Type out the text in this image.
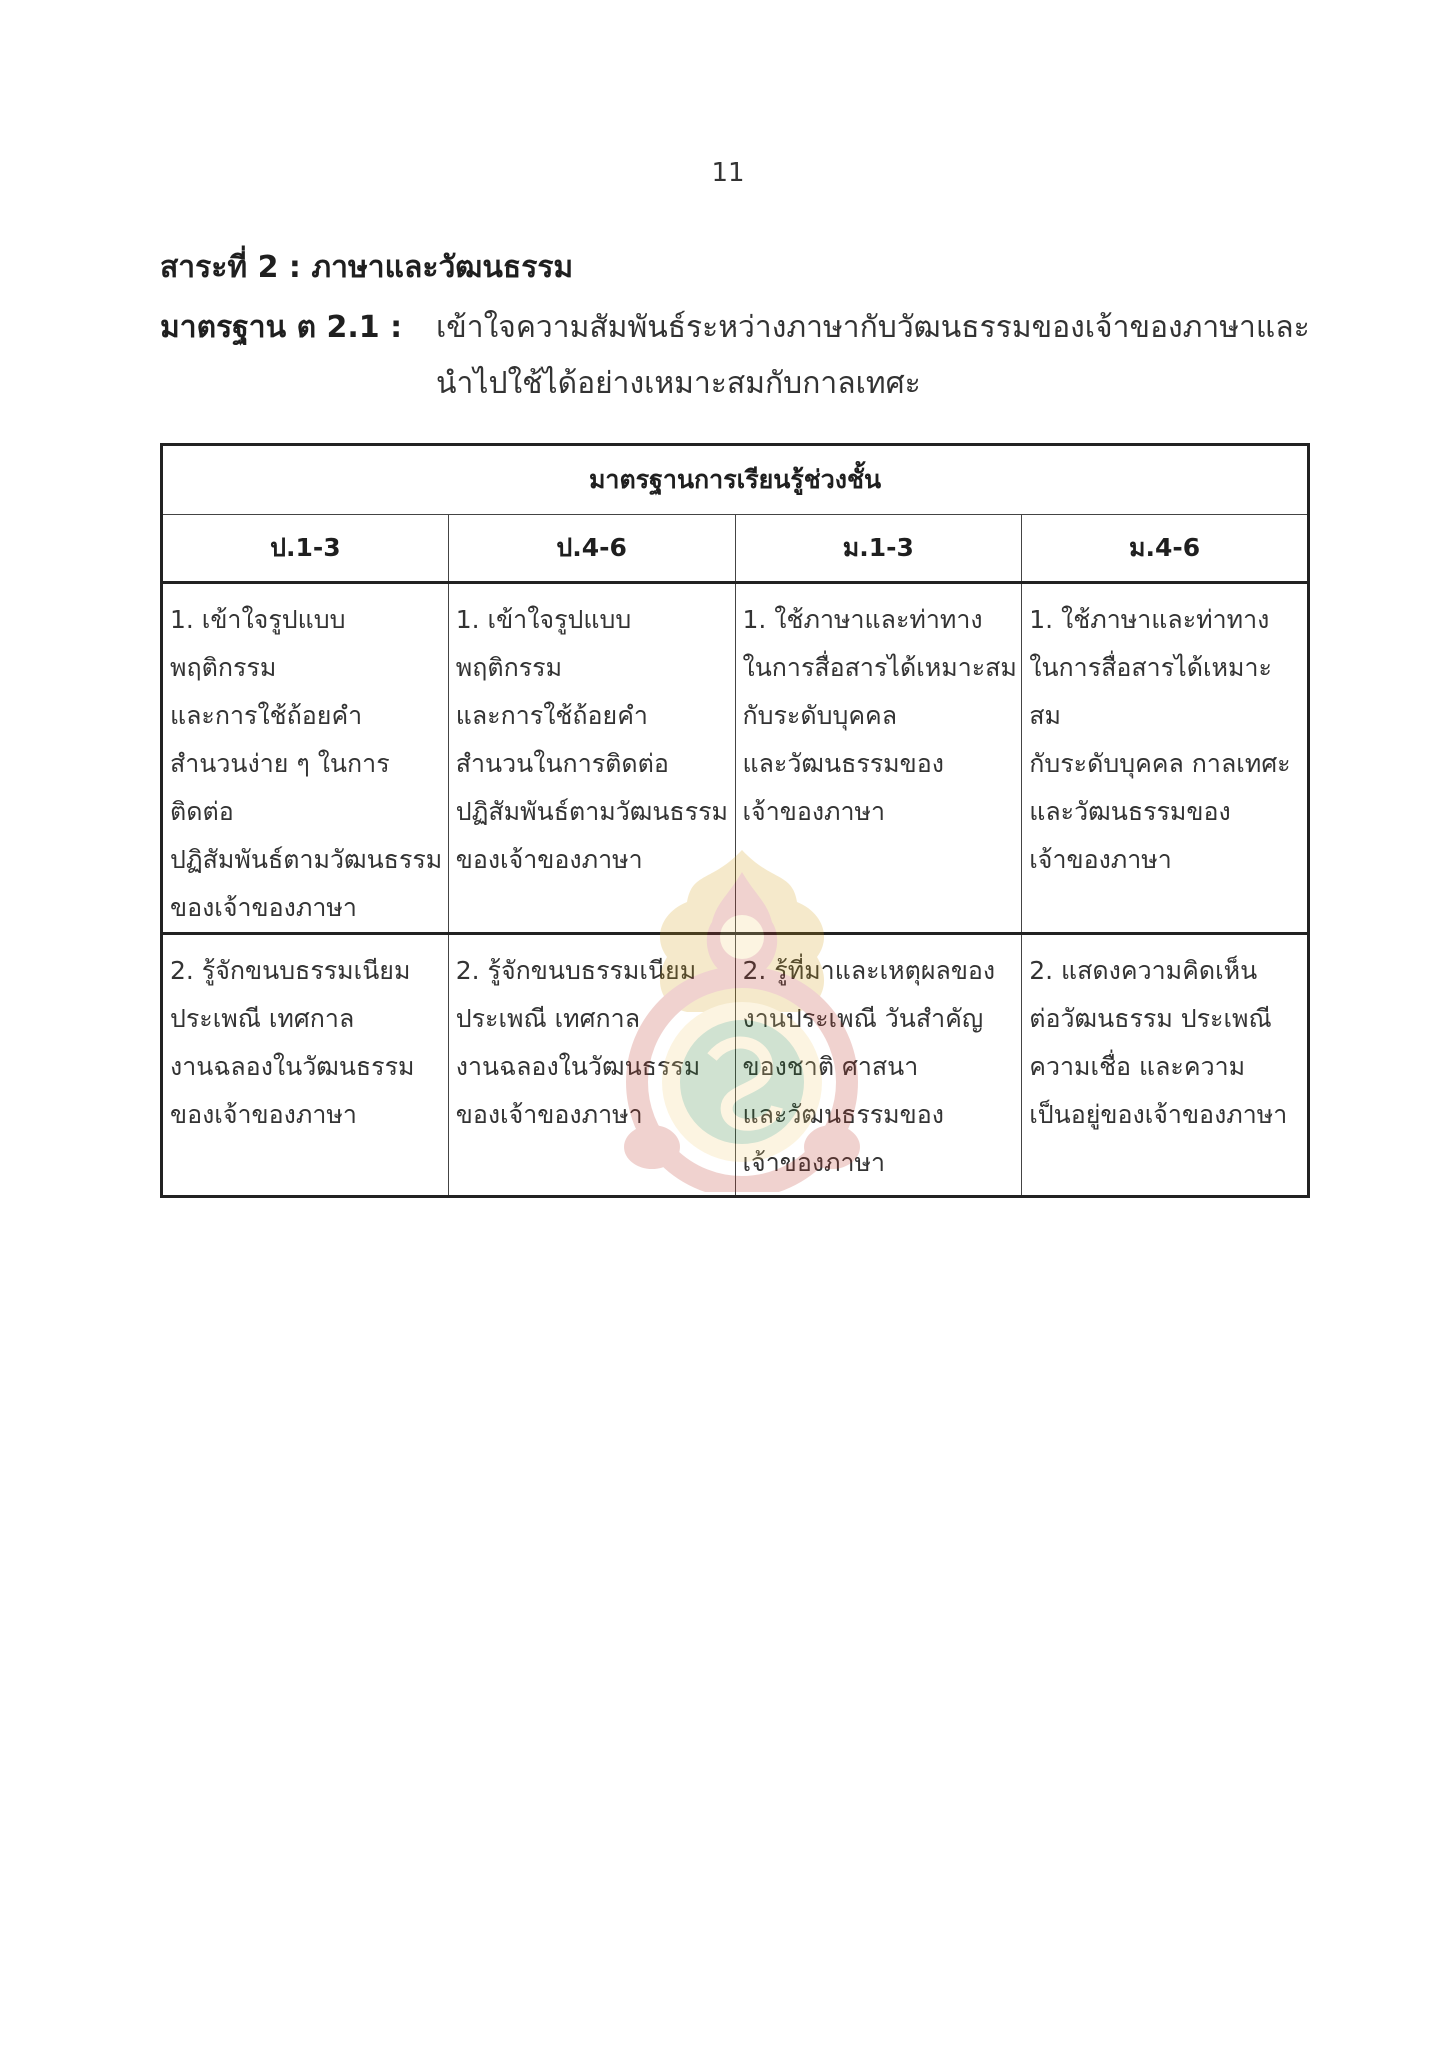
11
สาระที่ 2 : ภาษาและวัฒนธรรม
มาตรฐาน ต 2.1 : เข้าใจความสัมพันธ์ระหว่างภาษากับวัฒนธรรมของเจ้าของภาษาและ
นำไปใช้ได้อย่างเหมาะสมกับกาลเทศะ
มาตรฐานการเรียนรู้ช่วงชั้น			
ป.1-3	ป.4-6	ม.1-3	ม.4-6

1. เข้าใจรูปแบบพฤติกรรม
และการใช้ถ้อยคำ
สำนวนง่าย ๆ ในการติดต่อ
ปฏิสัมพันธ์ตามวัฒนธรรม
ของเจ้าของภาษา	1. เข้าใจรูปแบบพฤติกรรม
และการใช้ถ้อยคำ
สำนวนในการติดต่อ
ปฏิสัมพันธ์ตามวัฒนธรรม
ของเจ้าของภาษา	1. ใช้ภาษาและท่าทาง
ในการสื่อสารได้เหมาะสม
กับระดับบุคคล
และวัฒนธรรมของ
เจ้าของภาษา	1. ใช้ภาษาและท่าทาง
ในการสื่อสารได้เหมาะสม
กับระดับบุคคล กาลเทศะ
และวัฒนธรรมของ
เจ้าของภาษา

2. รู้จักขนบธรรมเนียม
ประเพณี เทศกาล
งานฉลองในวัฒนธรรม
ของเจ้าของภาษา	2. รู้จักขนบธรรมเนียม
ประเพณี เทศกาล
งานฉลองในวัฒนธรรม
ของเจ้าของภาษา	2. รู้ที่มาและเหตุผลของ
งานประเพณี วันสำคัญ
ของชาติ ศาสนา
และวัฒนธรรมของ
เจ้าของภาษา	2. แสดงความคิดเห็น
ต่อวัฒนธรรม ประเพณี
ความเชื่อ และความ
เป็นอยู่ของเจ้าของภาษา
